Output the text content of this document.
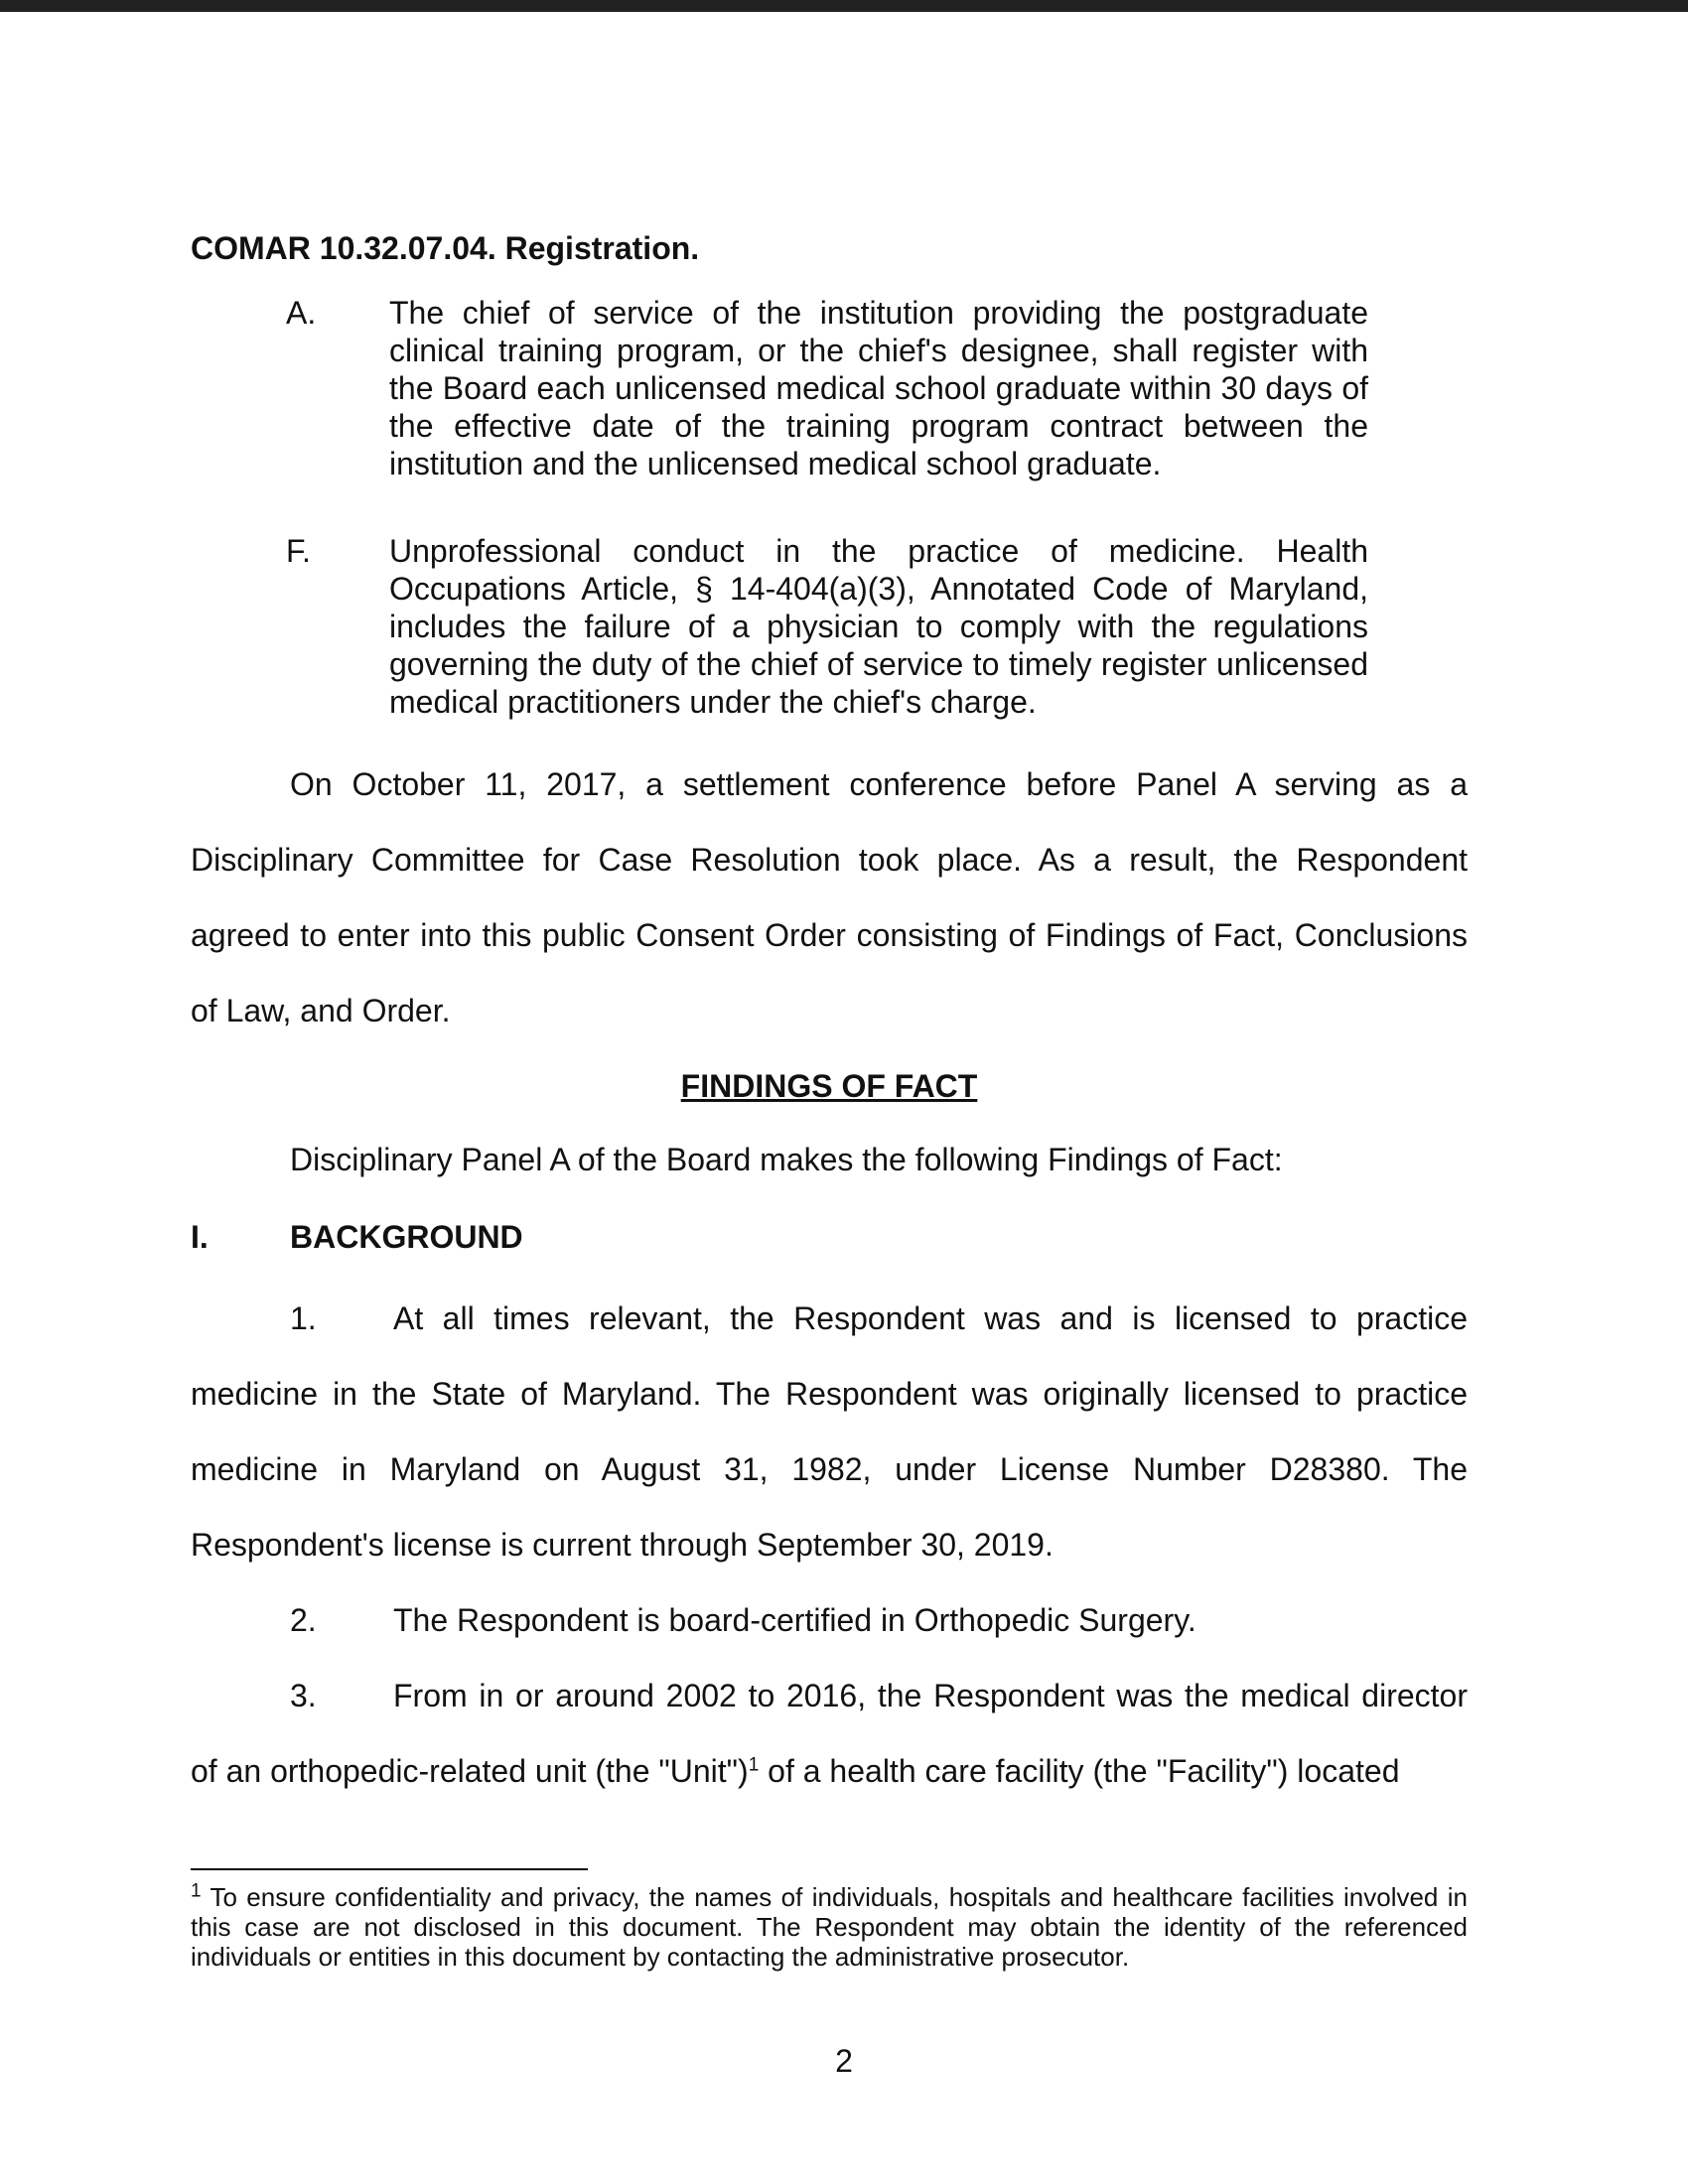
COMAR 10.32.07.04. Registration.
A. The chief of service of the institution providing the postgraduate clinical training program, or the chief's designee, shall register with the Board each unlicensed medical school graduate within 30 days of the effective date of the training program contract between the institution and the unlicensed medical school graduate.
F. Unprofessional conduct in the practice of medicine. Health Occupations Article, § 14-404(a)(3), Annotated Code of Maryland, includes the failure of a physician to comply with the regulations governing the duty of the chief of service to timely register unlicensed medical practitioners under the chief's charge.
On October 11, 2017, a settlement conference before Panel A serving as a Disciplinary Committee for Case Resolution took place. As a result, the Respondent agreed to enter into this public Consent Order consisting of Findings of Fact, Conclusions of Law, and Order.
FINDINGS OF FACT
Disciplinary Panel A of the Board makes the following Findings of Fact:
I.	BACKGROUND
1. At all times relevant, the Respondent was and is licensed to practice medicine in the State of Maryland. The Respondent was originally licensed to practice medicine in Maryland on August 31, 1982, under License Number D28380. The Respondent's license is current through September 30, 2019.
2. The Respondent is board-certified in Orthopedic Surgery.
3. From in or around 2002 to 2016, the Respondent was the medical director of an orthopedic-related unit (the "Unit")$^1$ of a health care facility (the "Facility") located
$^1$ To ensure confidentiality and privacy, the names of individuals, hospitals and healthcare facilities involved in this case are not disclosed in this document. The Respondent may obtain the identity of the referenced individuals or entities in this document by contacting the administrative prosecutor.
2
